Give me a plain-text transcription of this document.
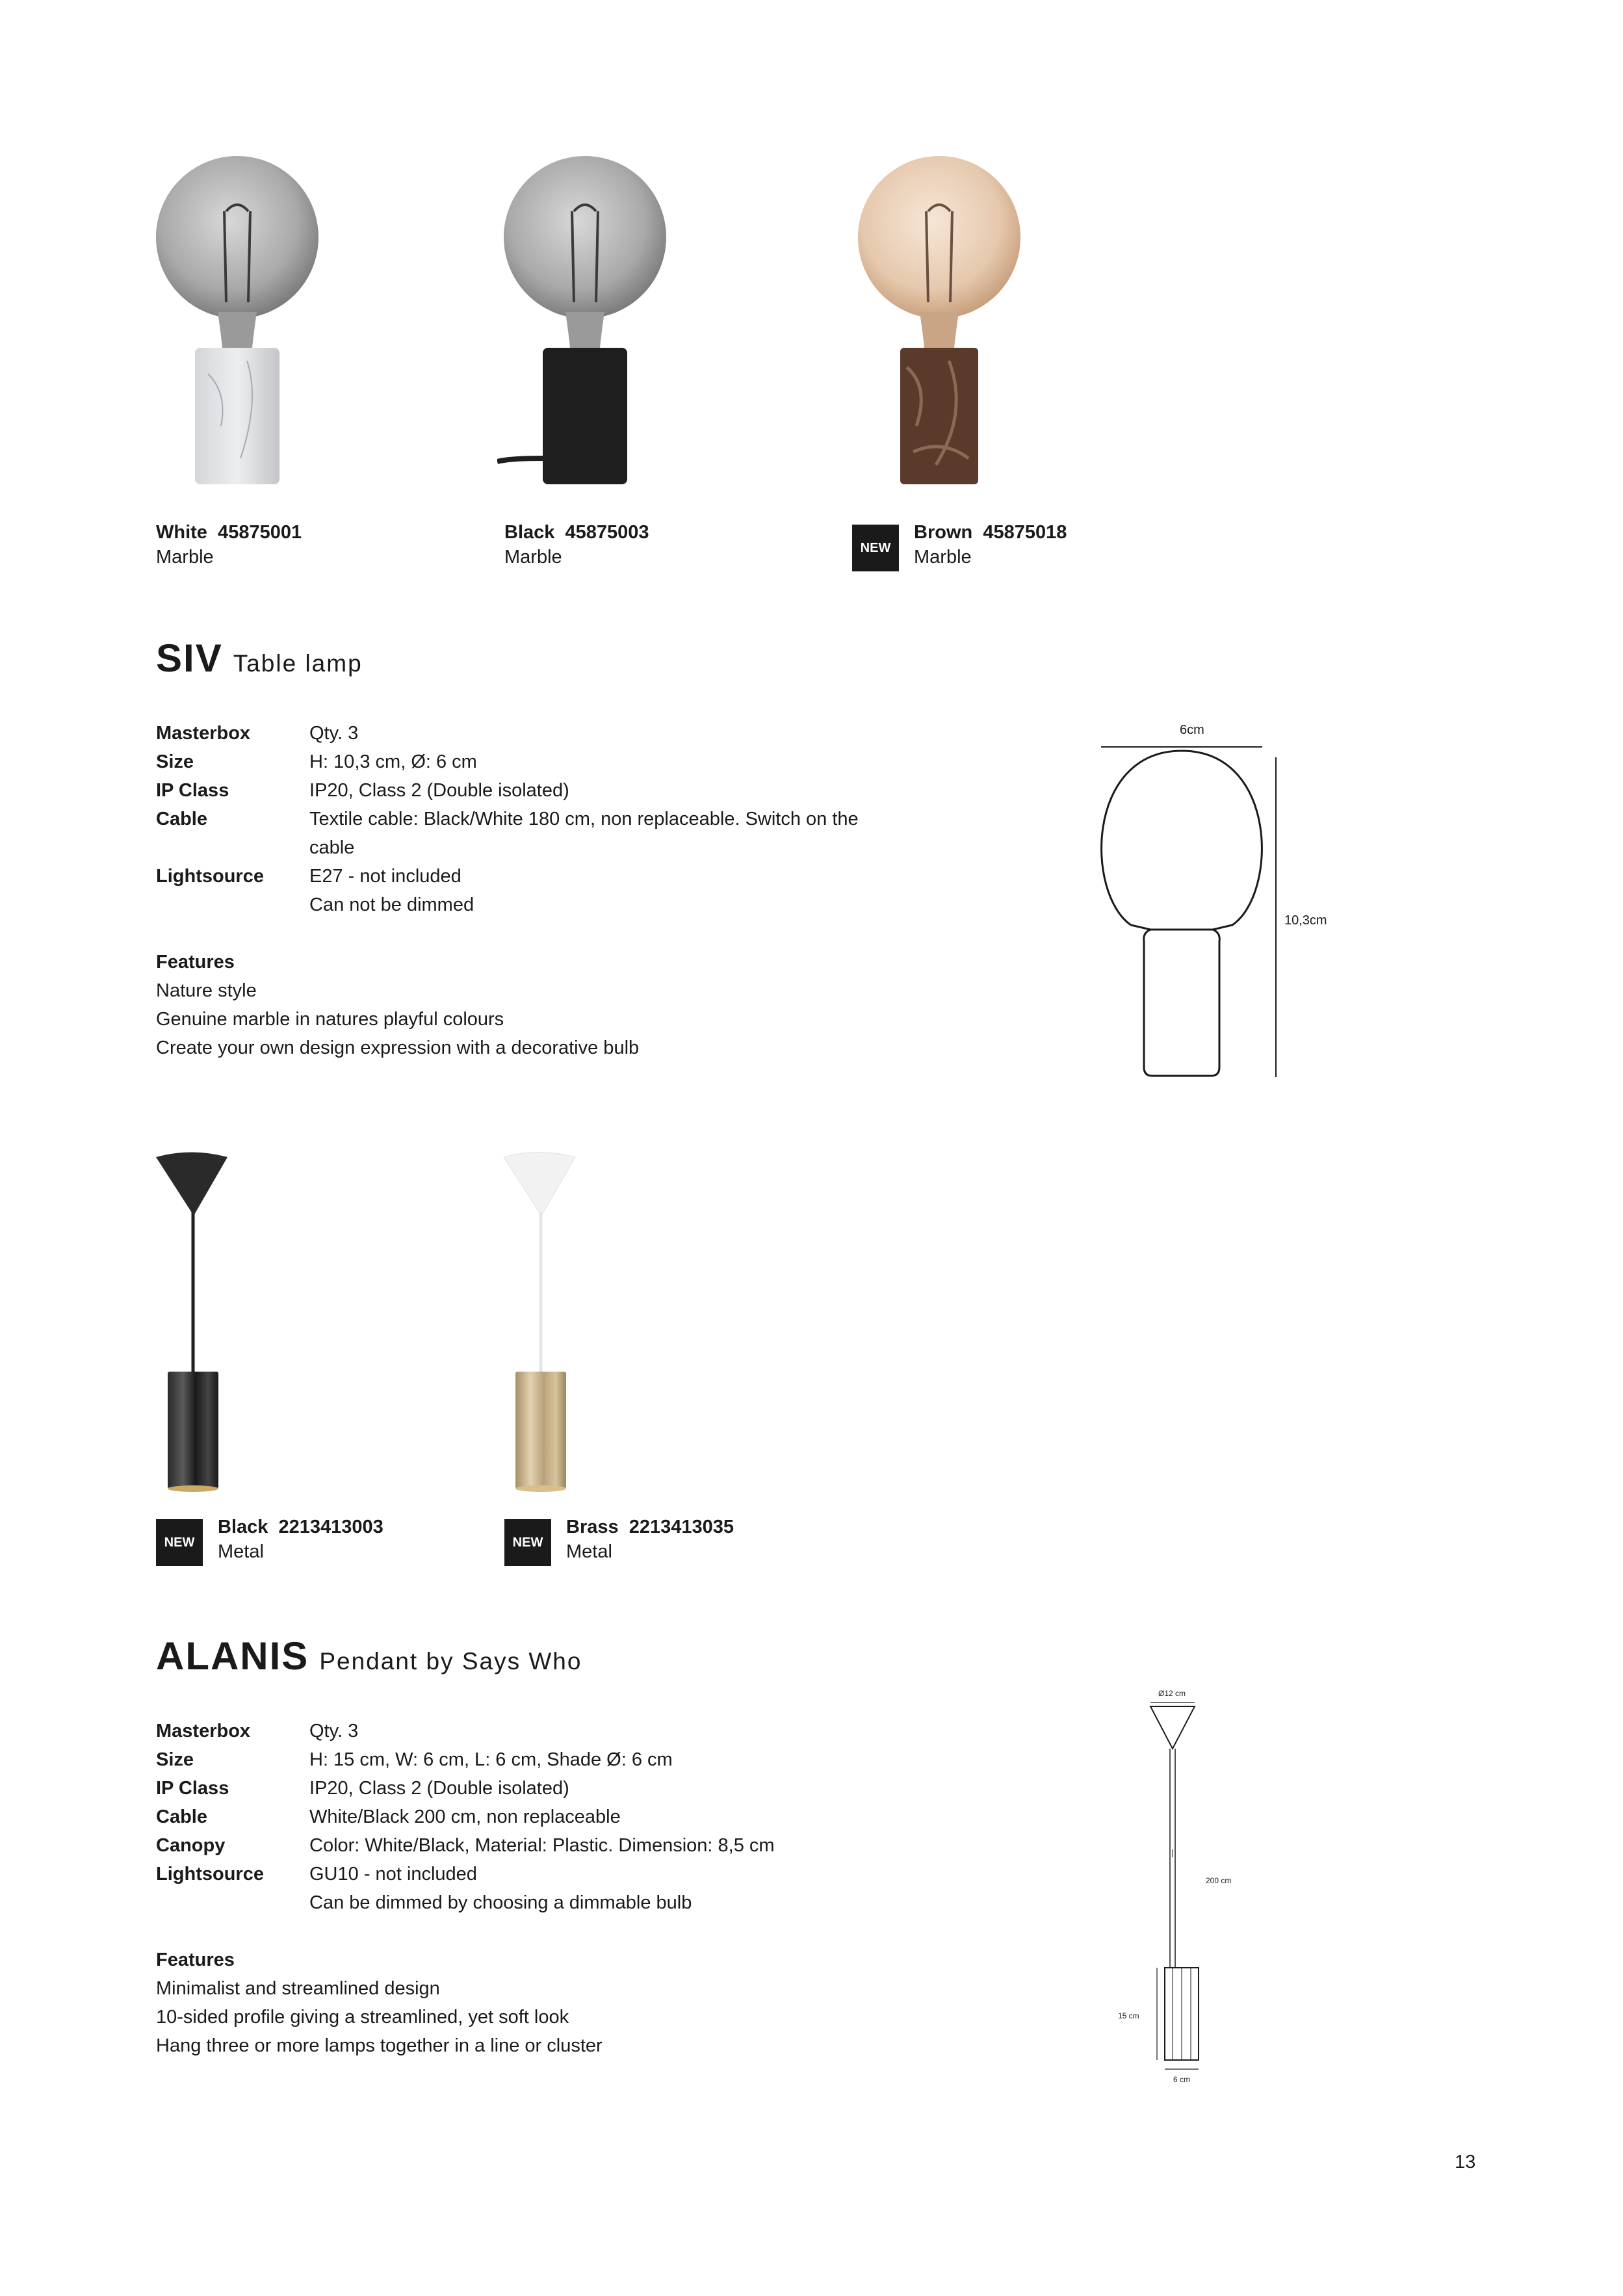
White 45875001
Marble
Black 45875003
Marble	NEW
Brown 45875018
Marble
SIV Table lamp
Masterbox	Qty. 3
Size	H: 10,3 cm, Ø: 6 cm
IP Class	IP20, Class 2 (Double isolated)
Cable	Textile cable: Black/White 180 cm, non replaceable. Switch on the cable
Lightsource	E27 - not included
Can not be dimmed
Features
Nature style
Genuine marble in natures playful colours
Create your own design expression with a decorative bulb
6cm
10,3cm
NEW
Black 2213413003
Metal	NEW
Brass 2213413035
Metal
ALANIS Pendant by Says Who
Masterbox	Qty. 3
Size	H: 15 cm, W: 6 cm, L: 6 cm, Shade Ø: 6 cm
IP Class	IP20, Class 2 (Double isolated)
Cable	White/Black 200 cm, non replaceable
Canopy	Color: White/Black, Material: Plastic. Dimension: 8,5 cm
Lightsource	GU10 - not included
Can be dimmed by choosing a dimmable bulb
Features
Minimalist and streamlined design
10-sided profile giving a streamlined, yet soft look
Hang three or more lamps together in a line or cluster
Ø12 cm
200 cm
15 cm
6 cm
13
